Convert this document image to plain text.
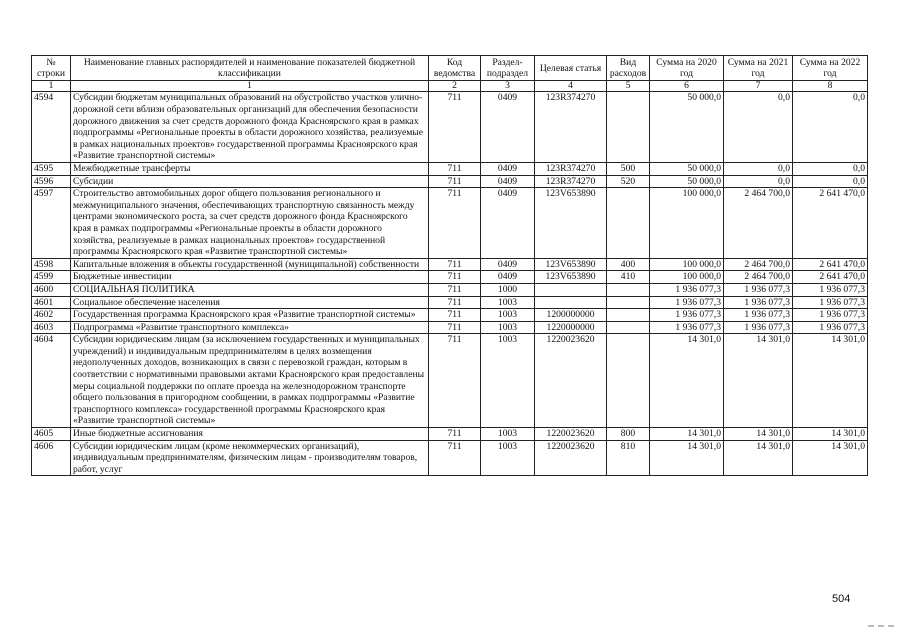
№ строки	Наименование главных распорядителей и наименование показателей бюджетной классификации	Код ведомства	Раздел-подраздел	Целевая статья	Вид расходов	Сумма на 2020 год	Сумма на 2021 год	Сумма на 2022 год
1	1	2	3	4	5	6	7	8
4594	Субсидии бюджетам муниципальных образований на обустройство участков улично-дорожной сети вблизи образовательных организаций для обеспечения безопасности дорожного движения за счет средств дорожного фонда Красноярского края в рамках подпрограммы «Региональные проекты в области дорожного хозяйства, реализуемые в рамках национальных проектов» государственной программы Красноярского края «Развитие транспортной системы»	711	0409	123R374270		50 000,0	0,0	0,0
4595	Межбюджетные трансферты	711	0409	123R374270	500	50 000,0	0,0	0,0
4596	Субсидии	711	0409	123R374270	520	50 000,0	0,0	0,0
4597	Строительство автомобильных дорог общего пользования регионального и межмуниципального значения, обеспечивающих транспортную связанность между центрами экономического роста, за счет средств дорожного фонда Красноярского края в рамках подпрограммы «Региональные проекты в области дорожного хозяйства, реализуемые в рамках национальных проектов» государственной программы Красноярского края «Развитие транспортной системы»	711	0409	123V653890		100 000,0	2 464 700,0	2 641 470,0
4598	Капитальные вложения в объекты государственной (муниципальной) собственности	711	0409	123V653890	400	100 000,0	2 464 700,0	2 641 470,0
4599	Бюджетные инвестиции	711	0409	123V653890	410	100 000,0	2 464 700,0	2 641 470,0
4600	СОЦИАЛЬНАЯ ПОЛИТИКА	711	1000			1 936 077,3	1 936 077,3	1 936 077,3
4601	Социальное обеспечение населения	711	1003			1 936 077,3	1 936 077,3	1 936 077,3
4602	Государственная программа Красноярского края «Развитие транспортной системы»	711	1003	1200000000		1 936 077,3	1 936 077,3	1 936 077,3
4603	Подпрограмма «Развитие транспортного комплекса»	711	1003	1220000000		1 936 077,3	1 936 077,3	1 936 077,3
4604	Субсидии юридическим лицам (за исключением государственных и муниципальных учреждений) и индивидуальным предпринимателям в целях возмещения недополученных доходов, возникающих в связи с перевозкой граждан, которым в соответствии с нормативными правовыми актами Красноярского края предоставлены меры социальной поддержки по оплате проезда на железнодорожном транспорте общего пользования в пригородном сообщении, в рамках подпрограммы «Развитие транспортного комплекса» государственной программы Красноярского края «Развитие транспортной системы»	711	1003	1220023620		14 301,0	14 301,0	14 301,0
4605	Иные бюджетные ассигнования	711	1003	1220023620	800	14 301,0	14 301,0	14 301,0
4606	Субсидии юридическим лицам (кроме некоммерческих организаций), индивидуальным предпринимателям, физическим лицам - производителям товаров, работ, услуг	711	1003	1220023620	810	14 301,0	14 301,0	14 301,0
504
